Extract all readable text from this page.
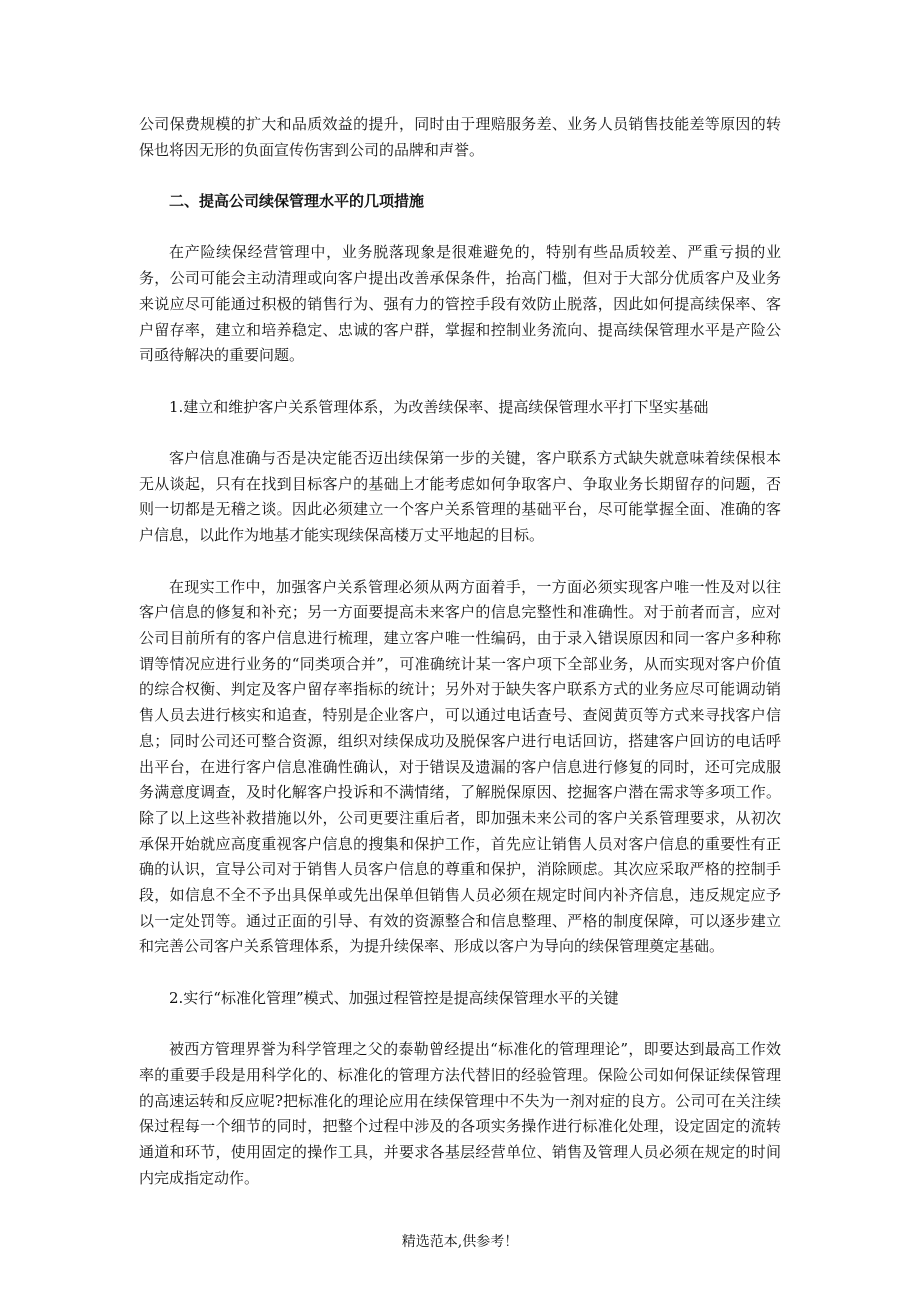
公司保费规模的扩大和品质效益的提升，同时由于理赔服务差、业务人员销售技能差等原因的转保也将因无形的负面宣传伤害到公司的品牌和声誉。

二、提高公司续保管理水平的几项措施

在产险续保经营管理中，业务脱落现象是很难避免的，特别有些品质较差、严重亏损的业务，公司可能会主动清理或向客户提出改善承保条件，抬高门槛，但对于大部分优质客户及业务来说应尽可能通过积极的销售行为、强有力的管控手段有效防止脱落，因此如何提高续保率、客户留存率，建立和培养稳定、忠诚的客户群，掌握和控制业务流向、提高续保管理水平是产险公司亟待解决的重要问题。

1.建立和维护客户关系管理体系，为改善续保率、提高续保管理水平打下坚实基础

客户信息准确与否是决定能否迈出续保第一步的关键，客户联系方式缺失就意味着续保根本无从谈起，只有在找到目标客户的基础上才能考虑如何争取客户、争取业务长期留存的问题，否则一切都是无稽之谈。因此必须建立一个客户关系管理的基础平台，尽可能掌握全面、准确的客户信息，以此作为地基才能实现续保高楼万丈平地起的目标。

在现实工作中，加强客户关系管理必须从两方面着手，一方面必须实现客户唯一性及对以往客户信息的修复和补充；另一方面要提高未来客户的信息完整性和准确性。对于前者而言，应对公司目前所有的客户信息进行梳理，建立客户唯一性编码，由于录入错误原因和同一客户多种称谓等情况应进行业务的“同类项合并”，可准确统计某一客户项下全部业务，从而实现对客户价值的综合权衡、判定及客户留存率指标的统计；另外对于缺失客户联系方式的业务应尽可能调动销售人员去进行核实和追查，特别是企业客户，可以通过电话查号、查阅黄页等方式来寻找客户信息；同时公司还可整合资源，组织对续保成功及脱保客户进行电话回访，搭建客户回访的电话呼出平台，在进行客户信息准确性确认，对于错误及遗漏的客户信息进行修复的同时，还可完成服务满意度调查，及时化解客户投诉和不满情绪，了解脱保原因、挖掘客户潜在需求等多项工作。除了以上这些补救措施以外，公司更要注重后者，即加强未来公司的客户关系管理要求，从初次承保开始就应高度重视客户信息的搜集和保护工作，首先应让销售人员对客户信息的重要性有正确的认识，宣导公司对于销售人员客户信息的尊重和保护，消除顾虑。其次应采取严格的控制手段，如信息不全不予出具保单或先出保单但销售人员必须在规定时间内补齐信息，违反规定应予以一定处罚等。通过正面的引导、有效的资源整合和信息整理、严格的制度保障，可以逐步建立和完善公司客户关系管理体系，为提升续保率、形成以客户为导向的续保管理奠定基础。

2.实行“标准化管理”模式、加强过程管控是提高续保管理水平的关键

被西方管理界誉为科学管理之父的泰勒曾经提出“标准化的管理理论”，即要达到最高工作效率的重要手段是用科学化的、标准化的管理方法代替旧的经验管理。保险公司如何保证续保管理的高速运转和反应呢?把标准化的理论应用在续保管理中不失为一剂对症的良方。公司可在关注续保过程每一个细节的同时，把整个过程中涉及的各项实务操作进行标准化处理，设定固定的流转通道和环节，使用固定的操作工具，并要求各基层经营单位、销售及管理人员必须在规定的时间内完成指定动作。

精选范本,供参考！
